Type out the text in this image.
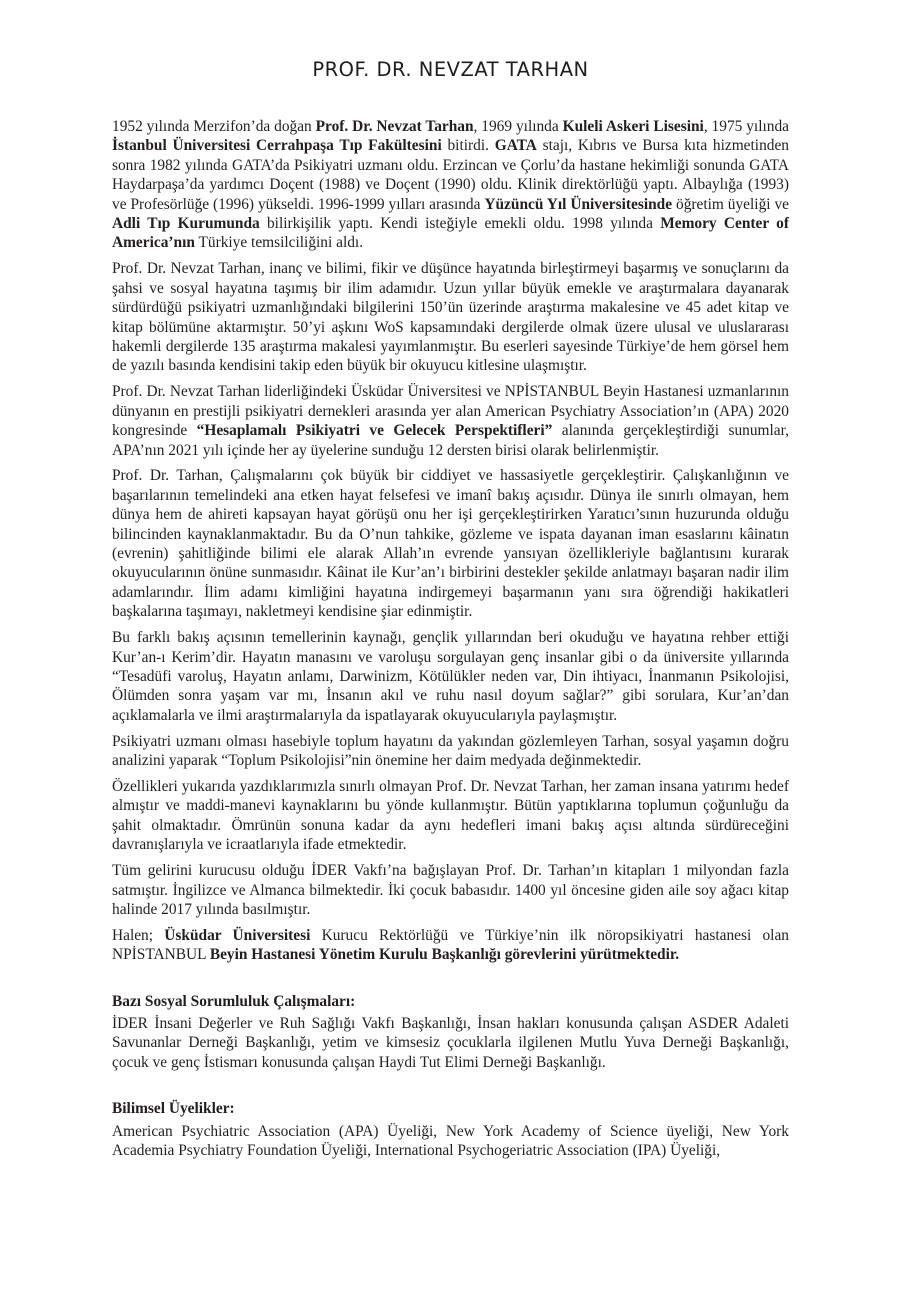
PROF. DR. NEVZAT TARHAN

1952 yılında Merzifon’da doğan Prof. Dr. Nevzat Tarhan, 1969 yılında Kuleli Askeri Lisesini, 1975 yılında İstanbul Üniversitesi Cerrahpaşa Tıp Fakültesini bitirdi. GATA stajı, Kıbrıs ve Bursa kıta hizmetinden sonra 1982 yılında GATA’da Psikiyatri uzmanı oldu. Erzincan ve Çorlu’da hastane hekimliği sonunda GATA Haydarpaşa’da yardımcı Doçent (1988) ve Doçent (1990) oldu. Klinik direktörlüğü yaptı. Albaylığa (1993) ve Profesörlüğe (1996) yükseldi. 1996-1999 yılları arasında Yüzüncü Yıl Üniversitesinde öğretim üyeliği ve Adli Tıp Kurumunda bilirkişilik yaptı. Kendi isteğiyle emekli oldu. 1998 yılında Memory Center of America’nın Türkiye temsilciliğini aldı.

Prof. Dr. Nevzat Tarhan, inanç ve bilimi, fikir ve düşünce hayatında birleştirmeyi başarmış ve sonuçlarını da şahsi ve sosyal hayatına taşımış bir ilim adamıdır. Uzun yıllar büyük emekle ve araştırmalara dayanarak sürdürdüğü psikiyatri uzmanlığındaki bilgilerini 150’ün üzerinde araştırma makalesine ve 45 adet kitap ve kitap bölümüne aktarmıştır. 50’yi aşkını WoS kapsamındaki dergilerde olmak üzere ulusal ve uluslararası hakemli dergilerde 135 araştırma makalesi yayımlanmıştır. Bu eserleri sayesinde Türkiye’de hem görsel hem de yazılı basında kendisini takip eden büyük bir okuyucu kitlesine ulaşmıştır.

Prof. Dr. Nevzat Tarhan liderliğindeki Üsküdar Üniversitesi ve NPİSTANBUL Beyin Hastanesi uzmanlarının dünyanın en prestijli psikiyatri dernekleri arasında yer alan American Psychiatry Association’ın (APA) 2020 kongresinde “Hesaplamalı Psikiyatri ve Gelecek Perspektifleri” alanında gerçekleştirdiği sunumlar, APA’nın 2021 yılı içinde her ay üyelerine sunduğu 12 dersten birisi olarak belirlenmiştir.

Prof. Dr. Tarhan, Çalışmalarını çok büyük bir ciddiyet ve hassasiyetle gerçekleştirir. Çalışkanlığının ve başarılarının temelindeki ana etken hayat felsefesi ve imanî bakış açısıdır. Dünya ile sınırlı olmayan, hem dünya hem de ahireti kapsayan hayat görüşü onu her işi gerçekleştirirken Yaratıcı’sının huzurunda olduğu bilincinden kaynaklanmaktadır. Bu da O’nun tahkike, gözleme ve ispata dayanan iman esaslarını kâinatın (evrenin) şahitliğinde bilimi ele alarak Allah’ın evrende yansıyan özellikleriyle bağlantısını kurarak okuyucularının önüne sunmasıdır. Kâinat ile Kur’an’ı birbirini destekler şekilde anlatmayı başaran nadir ilim adamlarındır. İlim adamı kimliğini hayatına indirgemeyi başarmanın yanı sıra öğrendiği hakikatleri başkalarına taşımayı, nakletmeyi kendisine şiar edinmiştir.

Bu farklı bakış açısının temellerinin kaynağı, gençlik yıllarından beri okuduğu ve hayatına rehber ettiği Kur’an-ı Kerim’dir. Hayatın manasını ve varoluşu sorgulayan genç insanlar gibi o da üniversite yıllarında “Tesadüfi varoluş, Hayatın anlamı, Darwinizm, Kötülükler neden var, Din ihtiyacı, İnanmanın Psikolojisi, Ölümden sonra yaşam var mı, İnsanın akıl ve ruhu nasıl doyum sağlar?” gibi sorulara, Kur’an’dan açıklamalarla ve ilmi araştırmalarıyla da ispatlayarak okuyucularıyla paylaşmıştır.

Psikiyatri uzmanı olması hasebiyle toplum hayatını da yakından gözlemleyen Tarhan, sosyal yaşamın doğru analizini yaparak “Toplum Psikolojisi”nin önemine her daim medyada değinmektedir.

Özellikleri yukarıda yazdıklarımızla sınırlı olmayan Prof. Dr. Nevzat Tarhan, her zaman insana yatırımı hedef almıştır ve maddi-manevi kaynaklarını bu yönde kullanmıştır. Bütün yaptıklarına toplumun çoğunluğu da şahit olmaktadır. Ömrünün sonuna kadar da aynı hedefleri imani bakış açısı altında sürdüreceğini davranışlarıyla ve icraatlarıyla ifade etmektedir.

Tüm gelirini kurucusu olduğu İDER Vakfı’na bağışlayan Prof. Dr. Tarhan’ın kitapları 1 milyondan fazla satmıştır. İngilizce ve Almanca bilmektedir. İki çocuk babasıdır. 1400 yıl öncesine giden aile soy ağacı kitap halinde 2017 yılında basılmıştır.

Halen; Üsküdar Üniversitesi Kurucu Rektörlüğü ve Türkiye’nin ilk nöropsikiyatri hastanesi olan NPİSTANBUL Beyin Hastanesi Yönetim Kurulu Başkanlığı görevlerini yürütmektedir.

Bazı Sosyal Sorumluluk Çalışmaları:

İDER İnsani Değerler ve Ruh Sağlığı Vakfı Başkanlığı, İnsan hakları konusunda çalışan ASDER Adaleti Savunanlar Derneği Başkanlığı, yetim ve kimsesiz çocuklarla ilgilenen Mutlu Yuva Derneği Başkanlığı, çocuk ve genç İstismarı konusunda çalışan Haydi Tut Elimi Derneği Başkanlığı.

Bilimsel Üyelikler:

American Psychiatric Association (APA) Üyeliği, New York Academy of Science üyeliği, New York Academia Psychiatry Foundation Üyeliği, International Psychogeriatric Association (IPA) Üyeliği,
